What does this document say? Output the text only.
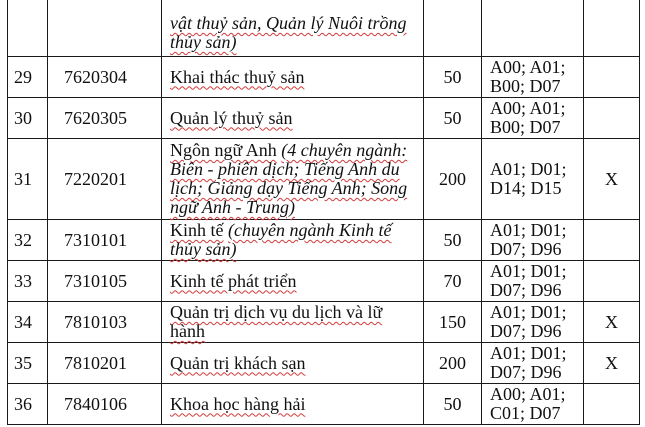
		vật thuỷ sản, Quản lý Nuôi trồng thủy sản)			
29	7620304	Khai thác thuỷ sản	50	A00; A01; B00; D07	
30	7620305	Quản lý thuỷ sản	50	A00; A01; B00; D07	
31	7220201	Ngôn ngữ Anh (4 chuyên ngành: Biên - phiên dịch; Tiếng Anh du lịch; Giảng dạy Tiếng Anh; Song ngữ Anh - Trung)	200	A01; D01; D14; D15	X
32	7310101	Kinh tế (chuyên ngành Kinh tế thủy sản)	50	A01; D01; D07; D96	
33	7310105	Kinh tế phát triển	70	A01; D01; D07; D96	
34	7810103	Quản trị dịch vụ du lịch và lữ hành	150	A01; D01; D07; D96	X
35	7810201	Quản trị khách sạn	200	A01; D01; D07; D96	X
36	7840106	Khoa học hàng hải	50	A00; A01; C01; D07	
